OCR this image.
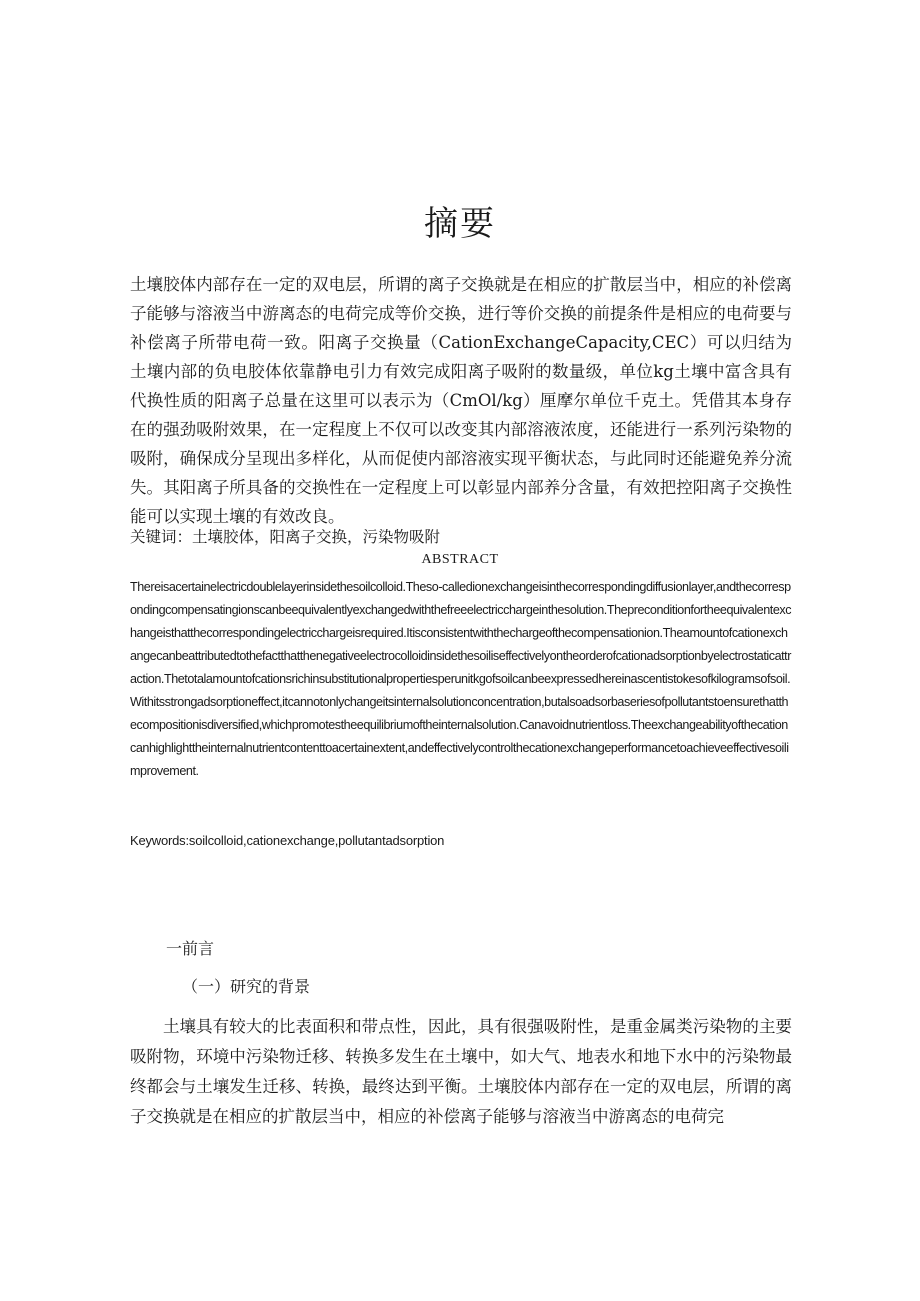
摘要

土壤胶体内部存在一定的双电层，所谓的离子交换就是在相应的扩散层当中，相应的补偿离子能够与溶液当中游离态的电荷完成等价交换，进行等价交换的前提条件是相应的电荷要与补偿离子所带电荷一致。阳离子交换量（CationExchangeCapacity,CEC）可以归结为土壤内部的负电胶体依靠静电引力有效完成阳离子吸附的数量级，单位kg土壤中富含具有代换性质的阳离子总量在这里可以表示为（CmOl/kg）厘摩尔单位千克土。凭借其本身存在的强劲吸附效果，在一定程度上不仅可以改变其内部溶液浓度，还能进行一系列污染物的吸附，确保成分呈现出多样化，从而促使内部溶液实现平衡状态，与此同时还能避免养分流失。其阳离子所具备的交换性在一定程度上可以彰显内部养分含量，有效把控阳离子交换性能可以实现土壤的有效改良。

关键词：土壤胶体，阳离子交换，污染物吸附

ABSTRACT

Thereisacertainelectricdoublelayerinsidethesoilcolloid.Theso-calledionexchangeisinthecorrespondingdiffusionlayer,andthecorrespondingcompensatingionscanbeequivalentlyexchangedwiththefreeelectricchargeinthesolution.Thepreconditionfortheequivalentexchangeisthatthecorrespondingelectricchargeisrequired.Itisconsistentwiththechargeofthecompensationion.Theamountofcationexchangecanbeattributedtothefactthatthenegativeelectrocolloidinsidethesoiliseffectivelyontheorderofcationadsorptionbyelectrostaticattraction.Thetotalamountofcationsrichinsubstitutionalpropertiesperunitkgofsoilcanbeexpressedhereinascentistokesofkilogramsofsoil.Withitsstrongadsorptioneffect,itcannotonlychangeitsinternalsolutionconcentration,butalsoadsorbaseriesofpollutantstoensurethatthecompositionisdiversified,whichpromotestheequilibriumoftheinternalsolution.Canavoidnutrientloss.Theexchangeabilityofthecationcanhighlighttheinternalnutrientcontenttoacertainextent,andeffectivelycontrolthecationexchangeperformancetoachieveeffectivesoilimprovement.

Keywords:soilcolloid,cationexchange,pollutantadsorption

一前言
（一）研究的背景

土壤具有较大的比表面积和带点性，因此，具有很强吸附性，是重金属类污染物的主要吸附物，环境中污染物迁移、转换多发生在土壤中，如大气、地表水和地下水中的污染物最终都会与土壤发生迁移、转换，最终达到平衡。土壤胶体内部存在一定的双电层，所谓的离子交换就是在相应的扩散层当中，相应的补偿离子能够与溶液当中游离态的电荷完
